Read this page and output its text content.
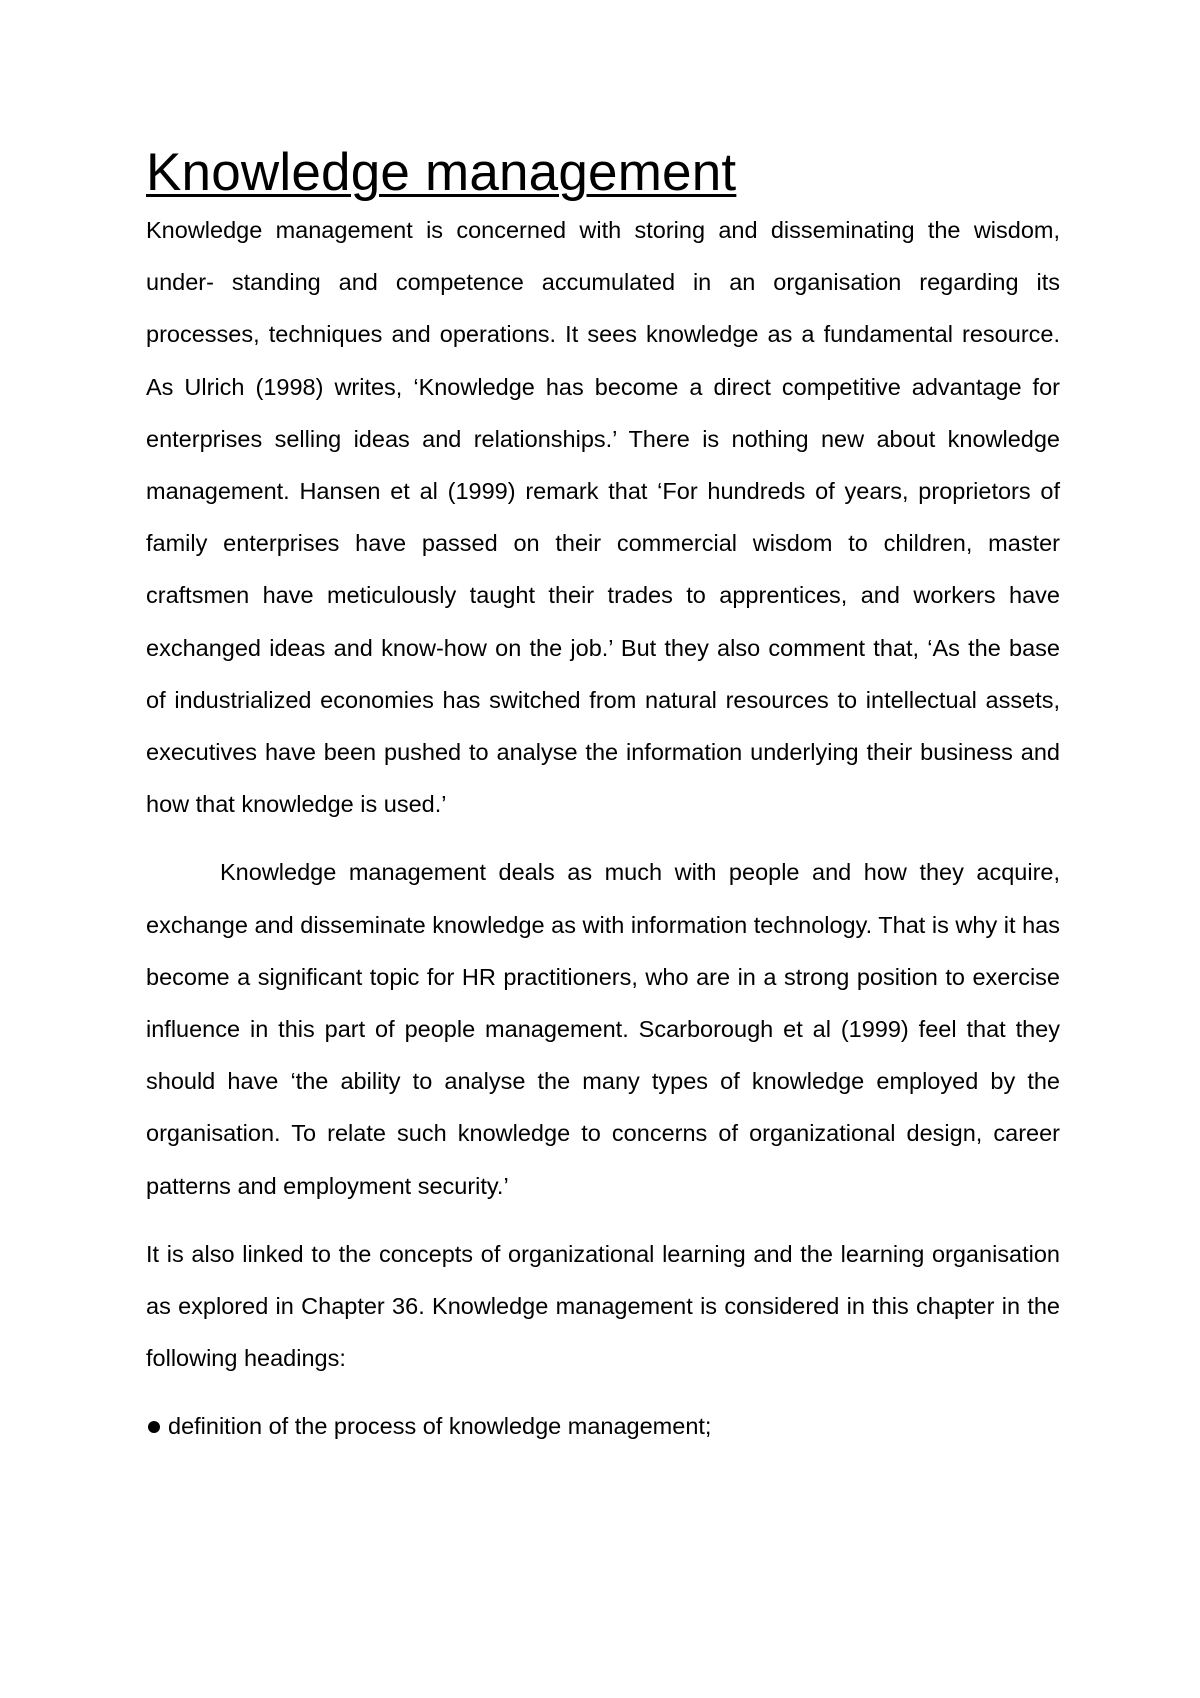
Knowledge management

Knowledge management is concerned with storing and disseminating the wisdom, under- standing and competence accumulated in an organisation regarding its processes, techniques and operations. It sees knowledge as a fundamental resource. As Ulrich (1998) writes, ‘Knowledge has become a direct competitive advantage for enterprises selling ideas and relationships.’ There is nothing new about knowledge management. Hansen et al (1999) remark that ‘For hundreds of years, proprietors of family enterprises have passed on their commercial wisdom to children, master craftsmen have meticulously taught their trades to apprentices, and workers have exchanged ideas and know-how on the job.’ But they also comment that, ‘As the base of industrialized economies has switched from natural resources to intellectual assets, executives have been pushed to analyse the information underlying their business and how that knowledge is used.’

Knowledge management deals as much with people and how they acquire, exchange and disseminate knowledge as with information technology. That is why it has become a significant topic for HR practitioners, who are in a strong position to exercise influence in this part of people management. Scarborough et al (1999) feel that they should have ‘the ability to analyse the many types of knowledge employed by the organisation. To relate such knowledge to concerns of organizational design, career patterns and employment security.’

It is also linked to the concepts of organizational learning and the learning organisation as explored in Chapter 36. Knowledge management is considered in this chapter in the following headings:

definition of the process of knowledge management;
